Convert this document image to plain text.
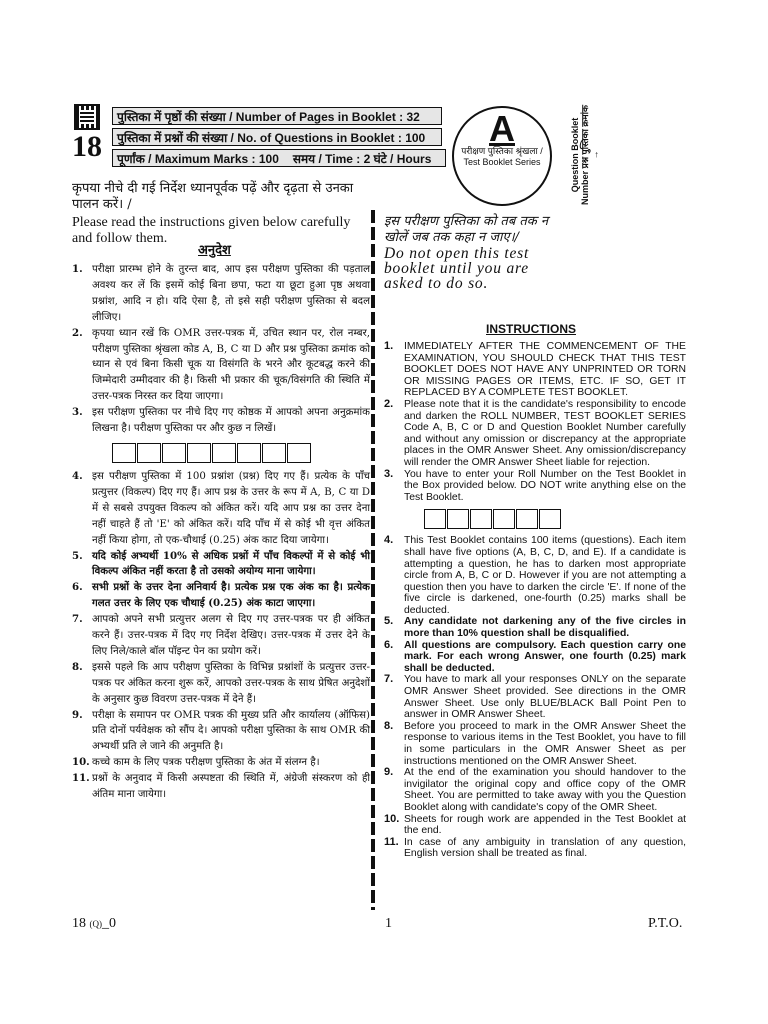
18
पुस्तिका में पृष्ठों की संख्या / Number of Pages in Booklet : 32
पुस्तिका में प्रश्नों की संख्या / No. of Questions in Booklet : 100
पूर्णांक / Maximum Marks : 100 समय / Time : 2 घंटे / Hours
A
परीक्षण पुस्तिका श्रृंखला /
Test Booklet Series	Question Booklet Number प्रश्न पुस्तिका क्रमांक →
कृपया नीचे दी गई निर्देश ध्यानपूर्वक पढ़ें और दृढ़ता से उनका पालन करें। /
Please read the instructions given below carefully and follow them.
अनुदेश
1. परीक्षा प्रारम्भ होने के तुरन्त बाद, आप इस परीक्षण पुस्तिका की पड़ताल अवश्य कर लें कि इसमें कोई बिना छपा, फटा या छूटा हुआ पृष्ठ अथवा प्रश्नांश, आदि न हो। यदि ऐसा है, तो इसे सही परीक्षण पुस्तिका से बदल लीजिए।
2. कृपया ध्यान रखें कि OMR उत्तर-पत्रक में, उचित स्थान पर, रोल नम्बर, परीक्षण पुस्तिका श्रृंखला कोड A, B, C या D और प्रश्न पुस्तिका क्रमांक को ध्यान से एवं बिना किसी चूक या विसंगति के भरने और कूटबद्ध करने की जिम्मेदारी उम्मीदवार की है। किसी भी प्रकार की चूक/विसंगति की स्थिति में उत्तर-पत्रक निरस्त कर दिया जाएगा।
3. इस परीक्षण पुस्तिका पर नीचे दिए गए कोष्ठक में आपको अपना अनुक्रमांक लिखना है। परीक्षण पुस्तिका पर और कुछ न लिखें।
4. इस परीक्षण पुस्तिका में 100 प्रश्नांश (प्रश्न) दिए गए हैं। प्रत्येक के पाँच प्रत्युत्तर (विकल्प) दिए गए हैं। आप प्रश्न के उत्तर के रूप में A, B, C या D में से सबसे उपयुक्त विकल्प को अंकित करें। यदि आप प्रश्न का उत्तर देना नहीं चाहते हैं तो 'E' को अंकित करें। यदि पाँच में से कोई भी वृत्त अंकित नहीं किया होगा, तो एक-चौथाई (0.25) अंक काट दिया जायेगा।
5. यदि कोई अभ्यर्थी 10% से अधिक प्रश्नों में पाँच विकल्पों में से कोई भी विकल्प अंकित नहीं करता है तो उसको अयोग्य माना जायेगा।
6. सभी प्रश्नों के उत्तर देना अनिवार्य है। प्रत्येक प्रश्न एक अंक का है। प्रत्येक गलत उत्तर के लिए एक चौथाई (0.25) अंक काटा जाएगा।
7. आपको अपने सभी प्रत्युत्तर अलग से दिए गए उत्तर-पत्रक पर ही अंकित करने हैं। उत्तर-पत्रक में दिए गए निर्देश देखिए। उत्तर-पत्रक में उत्तर देने के लिए निले/काले बॉल पॉइन्ट पेन का प्रयोग करें।
8. इससे पहले कि आप परीक्षण पुस्तिका के विभिन्न प्रश्नांशों के प्रत्युत्तर उत्तर-पत्रक पर अंकित करना शुरू करें, आपको उत्तर-पत्रक के साथ प्रेषित अनुदेशों के अनुसार कुछ विवरण उत्तर-पत्रक में देने हैं।
9. परीक्षा के समापन पर OMR पत्रक की मुख्य प्रति और कार्यालय (ऑफिस) प्रति दोनों पर्यवेक्षक को सौंप दे। आपको परीक्षा पुस्तिका के साथ OMR की अभ्यर्थी प्रति ले जाने की अनुमति है।
10. कच्चे काम के लिए पत्रक परीक्षण पुस्तिका के अंत में संलग्न है।
11. प्रश्नों के अनुवाद में किसी अस्पष्टता की स्थिति में, अंग्रेजी संस्करण को ही अंतिम माना जायेगा।
इस परीक्षण पुस्तिका को तब तक न खोलें जब तक कहा न जाए।/
Do not open this test booklet until you are asked to do so.
INSTRUCTIONS
1. IMMEDIATELY AFTER THE COMMENCEMENT OF THE EXAMINATION, YOU SHOULD CHECK THAT THIS TEST BOOKLET DOES NOT HAVE ANY UNPRINTED OR TORN OR MISSING PAGES OR ITEMS, ETC. IF SO, GET IT REPLACED BY A COMPLETE TEST BOOKLET.
2. Please note that it is the candidate's responsibility to encode and darken the ROLL NUMBER, TEST BOOKLET SERIES Code A, B, C or D and Question Booklet Number carefully and without any omission or discrepancy at the appropriate places in the OMR Answer Sheet. Any omission/discrepancy will render the OMR Answer Sheet liable for rejection.
3. You have to enter your Roll Number on the Test Booklet in the Box provided below. DO NOT write anything else on the Test Booklet.
4. This Test Booklet contains 100 items (questions). Each item shall have five options (A, B, C, D, and E). If a candidate is attempting a question, he has to darken most appropriate circle from A, B, C or D. However if you are not attempting a question then you have to darken the circle 'E'. If none of the five circle is darkened, one-fourth (0.25) marks shall be deducted.
5. Any candidate not darkening any of the five circles in more than 10% question shall be disqualified.
6. All questions are compulsory. Each question carry one mark. For each wrong Answer, one fourth (0.25) mark shall be deducted.
7. You have to mark all your responses ONLY on the separate OMR Answer Sheet provided. See directions in the OMR Answer Sheet. Use only BLUE/BLACK Ball Point Pen to answer in OMR Answer Sheet.
8. Before you proceed to mark in the OMR Answer Sheet the response to various items in the Test Booklet, you have to fill in some particulars in the OMR Answer Sheet as per instructions mentioned on the OMR Answer Sheet.
9. At the end of the examination you should handover to the invigilator the original copy and office copy of the OMR Sheet. You are permitted to take away with you the Question Booklet along with candidate's copy of the OMR Sheet.
10. Sheets for rough work are appended in the Test Booklet at the end.
11. In case of any ambiguity in translation of any question, English version shall be treated as final.
18 (Q)_0	1	P.T.O.
